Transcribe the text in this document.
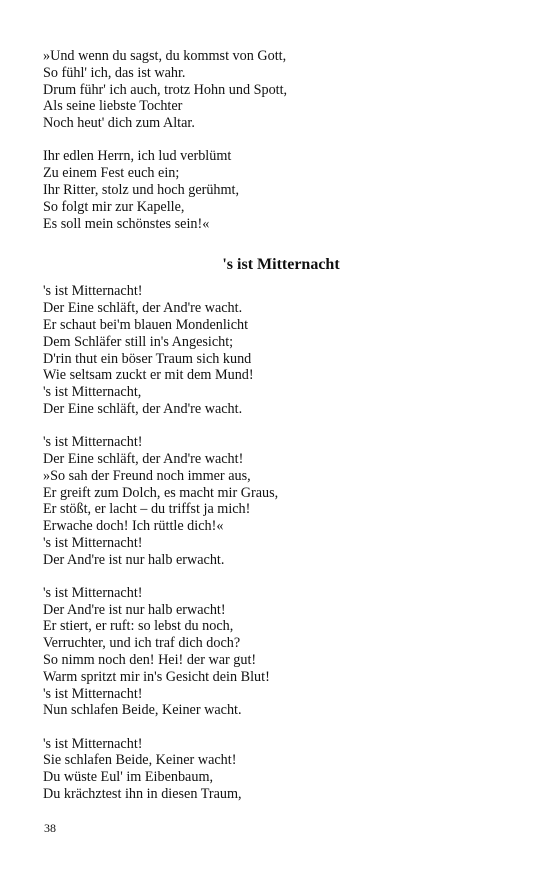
»Und wenn du sagst, du kommst von Gott,
So fühl' ich, das ist wahr.
Drum führ' ich auch, trotz Hohn und Spott,
Als seine liebste Tochter
Noch heut' dich zum Altar.
Ihr edlen Herrn, ich lud verblümt
Zu einem Fest euch ein;
Ihr Ritter, stolz und hoch gerühmt,
So folgt mir zur Kapelle,
Es soll mein schönstes sein!«
's ist Mitternacht
's ist Mitternacht!
Der Eine schläft, der And're wacht.
Er schaut bei'm blauen Mondenlicht
Dem Schläfer still in's Angesicht;
D'rin thut ein böser Traum sich kund
Wie seltsam zuckt er mit dem Mund!
's ist Mitternacht,
Der Eine schläft, der And're wacht.
's ist Mitternacht!
Der Eine schläft, der And're wacht!
»So sah der Freund noch immer aus,
Er greift zum Dolch, es macht mir Graus,
Er stößt, er lacht – du triffst ja mich!
Erwache doch! Ich rüttle dich!«
's ist Mitternacht!
Der And're ist nur halb erwacht.
's ist Mitternacht!
Der And're ist nur halb erwacht!
Er stiert, er ruft: so lebst du noch,
Verruchter, und ich traf dich doch?
So nimm noch den! Hei! der war gut!
Warm spritzt mir in's Gesicht dein Blut!
's ist Mitternacht!
Nun schlafen Beide, Keiner wacht.
's ist Mitternacht!
Sie schlafen Beide, Keiner wacht!
Du wüste Eul' im Eibenbaum,
Du krächztest ihn in diesen Traum,
38
